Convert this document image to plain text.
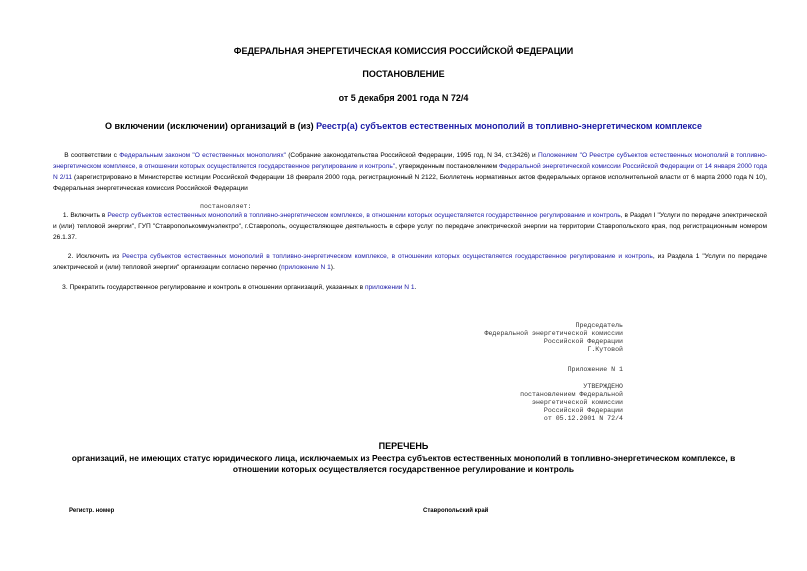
ФЕДЕРАЛЬНАЯ ЭНЕРГЕТИЧЕСКАЯ КОМИССИЯ РОССИЙСКОЙ ФЕДЕРАЦИИ
ПОСТАНОВЛЕНИЕ
от 5 декабря 2001 года N 72/4
О включении (исключении) организаций в (из) Реестр(а) субъектов естественных монополий в топливно-энергетическом комплексе
В соответствии с Федеральным законом "О естественных монополиях" (Собрание законодательства Российской Федерации, 1995 год, N 34, ст.3426) и Положением "О Реестре субъектов естественных монополий в топливно-энергетическом комплексе, в отношении которых осуществляется государственное регулирование и контроль", утвержденным постановлением Федеральной энергетической комиссии Российской Федерации от 14 января 2000 года N 2/11 (зарегистрировано в Министерстве юстиции Российской Федерации 18 февраля 2000 года, регистрационный N 2122, Бюллетень нормативных актов федеральных органов исполнительной власти от 6 марта 2000 года N 10), Федеральная энергетическая комиссия Российской Федерации
постановляет:
1. Включить в Реестр субъектов естественных монополий в топливно-энергетическом комплексе, в отношении которых осуществляется государственное регулирование и контроль, в Раздел I "Услуги по передаче электрической и (или) тепловой энергии", ГУП "Ставрополькоммунэлектро", г.Ставрополь, осуществляющее деятельность в сфере услуг по передаче электрической энергии на территории Ставропольского края, под регистрационным номером 26.1.37.
2. Исключить из Реестра субъектов естественных монополий в топливно-энергетическом комплексе, в отношении которых осуществляется государственное регулирование и контроль, из Раздела 1 "Услуги по передаче электрической и (или) тепловой энергии" организации согласно перечню (приложение N 1).
3. Прекратить государственное регулирование и контроль в отношении организаций, указанных в приложении N 1.
Председатель
Федеральной энергетической комиссии
Российской Федерации
Г.Кутовой
Приложение N 1
УТВЕРЖДЕНО
постановлением Федеральной
энергетической комиссии
Российской Федерации
от 05.12.2001 N 72/4
ПЕРЕЧЕНЬ
организаций, не имеющих статус юридического лица, исключаемых из Реестра субъектов естественных монополий в топливно-энергетическом комплексе, в отношении которых осуществляется государственное регулирование и контроль
Регистр. номер	Ставропольский край
